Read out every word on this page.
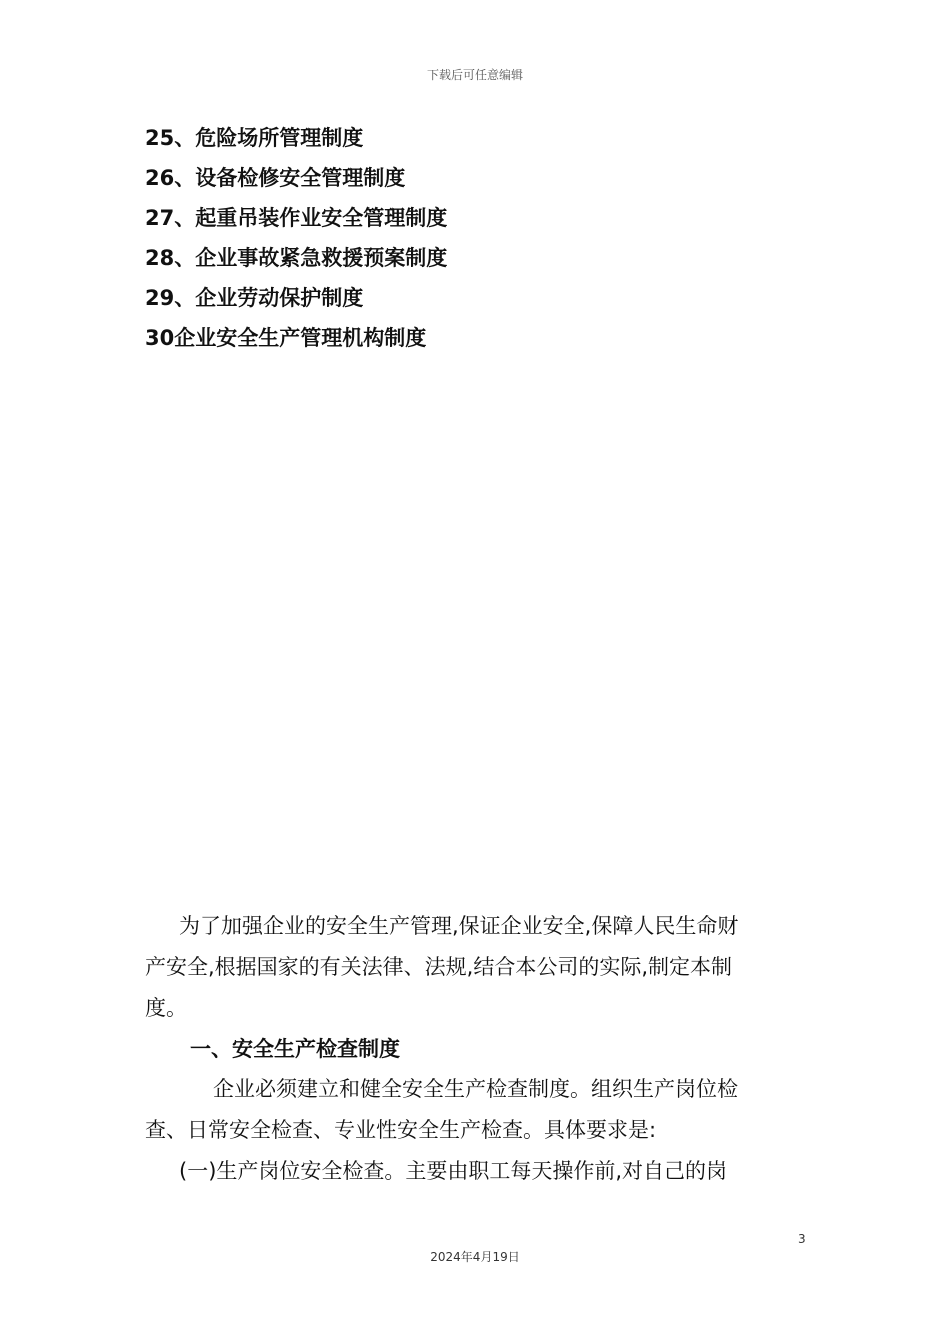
下载后可任意编辑
25、危险场所管理制度
26、设备检修安全管理制度
27、起重吊装作业安全管理制度
28、企业事故紧急救援预案制度
29、企业劳动保护制度
30企业安全生产管理机构制度

为了加强企业的安全生产管理,保证企业安全,保障人民生命财

产安全,根据国家的有关法律、法规,结合本公司的实际,制定本制

度。

一、安全生产检查制度

企业必须建立和健全安全生产检查制度。组织生产岗位检

查、日常安全检查、专业性安全生产检查。具体要求是:

(一)生产岗位安全检查。主要由职工每天操作前,对自己的岗

3
2024年4月19日
